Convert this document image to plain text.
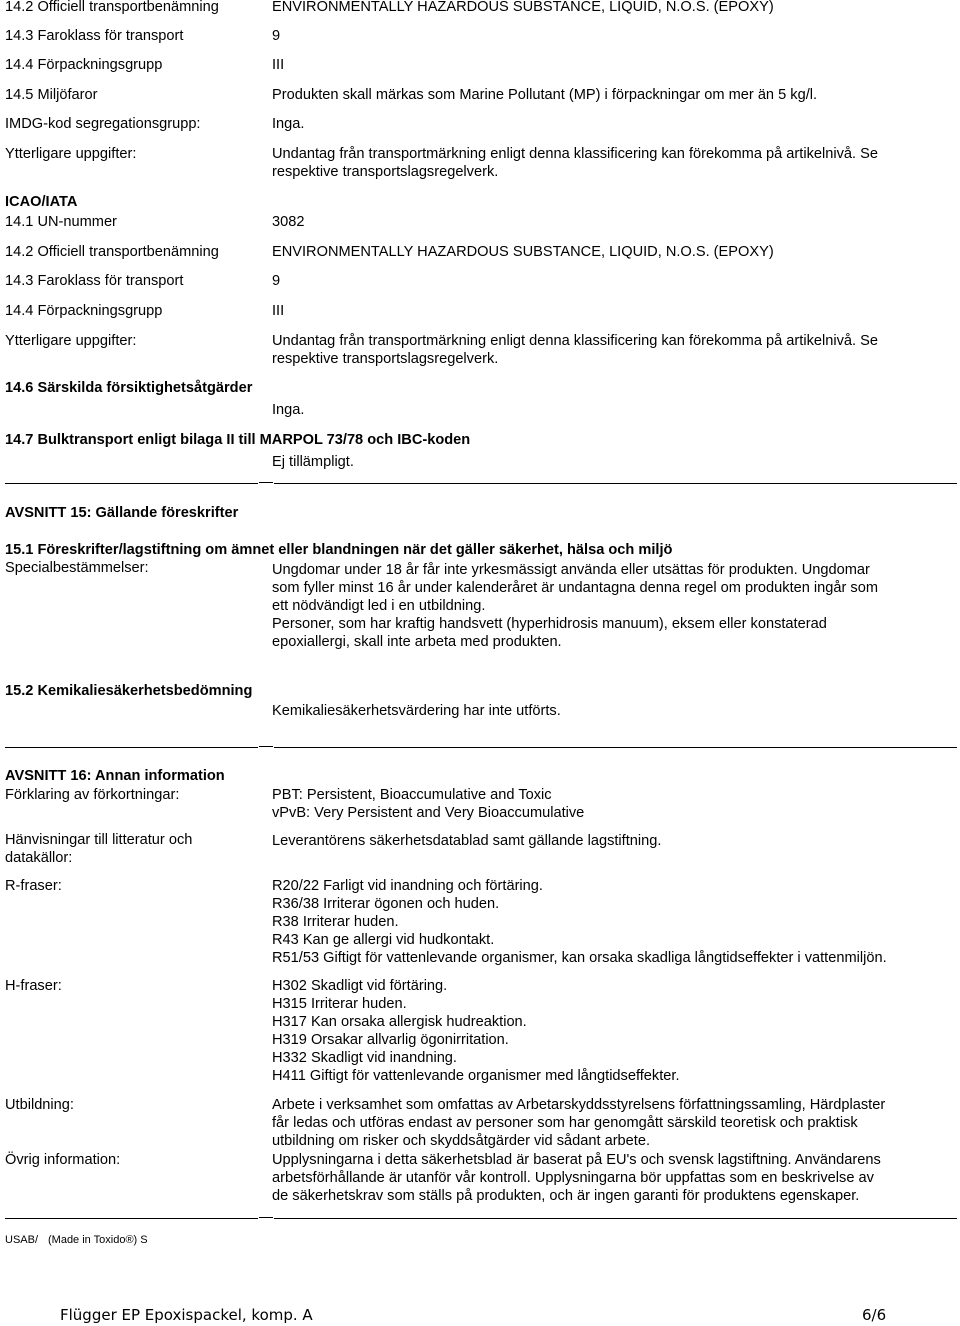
14.2 Officiell transportbenämning	ENVIRONMENTALLY HAZARDOUS SUBSTANCE, LIQUID, N.O.S. (EPOXY)
14.3 Faroklass för transport	9
14.4 Förpackningsgrupp	III
14.5 Miljöfaror	Produkten skall märkas som Marine Pollutant (MP) i förpackningar om mer än 5 kg/l.
IMDG-kod segregationsgrupp:	Inga.
Ytterligare uppgifter:	Undantag från transportmärkning enligt denna klassificering kan förekomma på artikelnivå. Se
respektive transportslagsregelverk.
ICAO/IATA
14.1 UN-nummer	3082
14.2 Officiell transportbenämning	ENVIRONMENTALLY HAZARDOUS SUBSTANCE, LIQUID, N.O.S. (EPOXY)
14.3 Faroklass för transport	9
14.4 Förpackningsgrupp	III
Ytterligare uppgifter:	Undantag från transportmärkning enligt denna klassificering kan förekomma på artikelnivå. Se
respektive transportslagsregelverk.
14.6 Särskilda försiktighetsåtgärder
Inga.
14.7 Bulktransport enligt bilaga II till MARPOL 73/78 och IBC-koden
Ej tillämpligt.
AVSNITT 15: Gällande föreskrifter
15.1 Föreskrifter/lagstiftning om ämnet eller blandningen när det gäller säkerhet, hälsa och miljö
Specialbestämmelser:	Ungdomar under 18 år får inte yrkesmässigt använda eller utsättas för produkten. Ungdomar
som fyller minst 16 år under kalenderåret är undantagna denna regel om produkten ingår som
ett nödvändigt led i en utbildning.
Personer, som har kraftig handsvett (hyperhidrosis manuum), eksem eller konstaterad
epoxiallergi, skall inte arbeta med produkten.
15.2 Kemikaliesäkerhetsbedömning
Kemikaliesäkerhetsvärdering har inte utförts.
AVSNITT 16: Annan information
Förklaring av förkortningar:	PBT: Persistent, Bioaccumulative and Toxic
vPvB: Very Persistent and Very Bioaccumulative
Hänvisningar till litteratur och
datakällor:
Leverantörens säkerhetsdatablad samt gällande lagstiftning.
R-fraser:	R20/22 Farligt vid inandning och förtäring.
R36/38 Irriterar ögonen och huden.
R38 Irriterar huden.
R43 Kan ge allergi vid hudkontakt.
R51/53 Giftigt för vattenlevande organismer, kan orsaka skadliga långtidseffekter i vattenmiljön.
H-fraser:	H302 Skadligt vid förtäring.
H315 Irriterar huden.
H317 Kan orsaka allergisk hudreaktion.
H319 Orsakar allvarlig ögonirritation.
H332 Skadligt vid inandning.
H411 Giftigt för vattenlevande organismer med långtidseffekter.
Utbildning:	Arbete i verksamhet som omfattas av Arbetarskyddsstyrelsens författningssamling, Härdplaster
får ledas och utföras endast av personer som har genomgått särskild teoretisk och praktisk
utbildning om risker och skyddsåtgärder vid sådant arbete.
Övrig information:	Upplysningarna i detta säkerhetsblad är baserat på EU's och svensk lagstiftning. Användarens
arbetsförhållande är utanför vår kontroll. Upplysningarna bör uppfattas som en beskrivelse av
de säkerhetskrav som ställs på produkten, och är ingen garanti för produktens egenskaper.
USAB/ (Made in Toxido®) S
Flügger EP Epoxispackel, komp. A	6/6
